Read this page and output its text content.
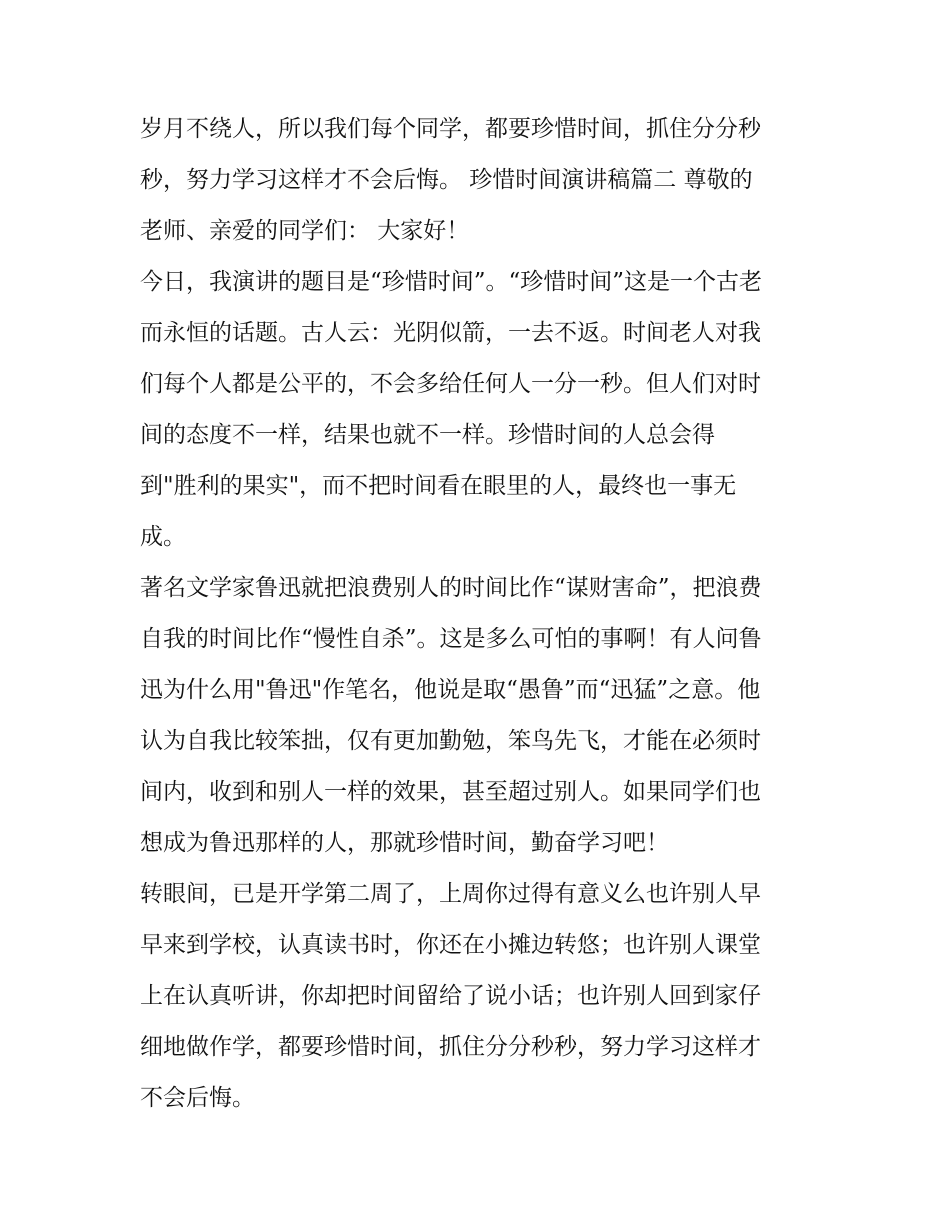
岁月不绕人，所以我们每个同学，都要珍惜时间，抓住分分秒
秒，努力学习这样才不会后悔。 珍惜时间演讲稿篇二 尊敬的
老师、亲爱的同学们： 大家好！
今日，我演讲的题目是“珍惜时间”。“珍惜时间”这是一个古老
而永恒的话题。古人云：光阴似箭，一去不返。时间老人对我
们每个人都是公平的，不会多给任何人一分一秒。但人们对时
间的态度不一样，结果也就不一样。珍惜时间的人总会得
到"胜利的果实"，而不把时间看在眼里的人，最终也一事无
成。
著名文学家鲁迅就把浪费别人的时间比作“谋财害命”，把浪费
自我的时间比作“慢性自杀”。这是多么可怕的事啊！有人问鲁
迅为什么用"鲁迅"作笔名，他说是取“愚鲁”而“迅猛”之意。他
认为自我比较笨拙，仅有更加勤勉，笨鸟先飞，才能在必须时
间内，收到和别人一样的效果，甚至超过别人。如果同学们也
想成为鲁迅那样的人，那就珍惜时间，勤奋学习吧！
转眼间，已是开学第二周了，上周你过得有意义么也许别人早
早来到学校，认真读书时，你还在小摊边转悠；也许别人课堂
上在认真听讲，你却把时间留给了说小话；也许别人回到家仔
细地做作学，都要珍惜时间，抓住分分秒秒，努力学习这样才
不会后悔。
